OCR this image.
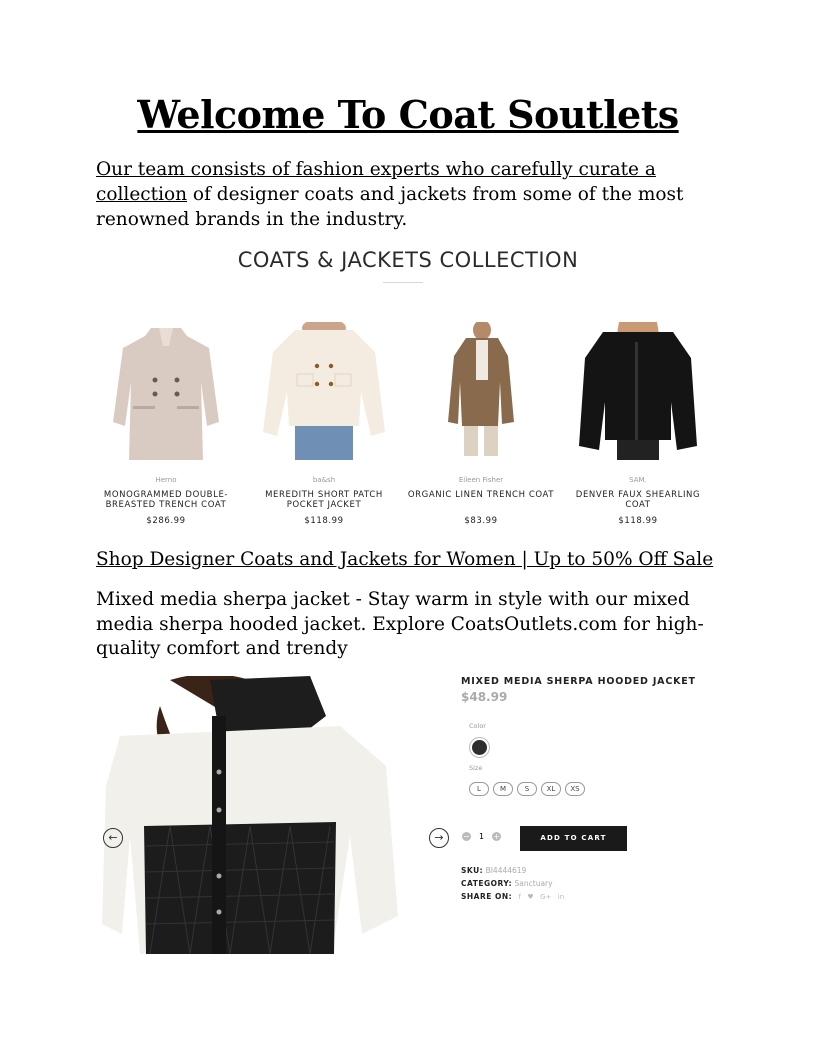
Welcome To Coat Soutlets
Our team consists of fashion experts who carefully curate a collection of designer coats and jackets from some of the most renowned brands in the industry.
COATS & JACKETS COLLECTION
Herno
MONOGRAMMED DOUBLE-BREASTED TRENCH COAT
$286.99
ba&sh
MEREDITH SHORT PATCH POCKET JACKET
$118.99
Eileen Fisher
ORGANIC LINEN TRENCH COAT
$83.99
SAM.
DENVER FAUX SHEARLING COAT
$118.99
Shop Designer Coats and Jackets for Women | Up to 50% Off Sale
Mixed media sherpa jacket - Stay warm in style with our mixed media sherpa hooded jacket. Explore CoatsOutlets.com for high-quality comfort and trendy
←	→
MIXED MEDIA SHERPA HOODED JACKET
$48.99
Color
Size
L	M	S	XL	XS
− 1 +	ADD TO CART
SKU: BI4444619
CATEGORY: Sanctuary
SHARE ON: f ♥ G+ in
